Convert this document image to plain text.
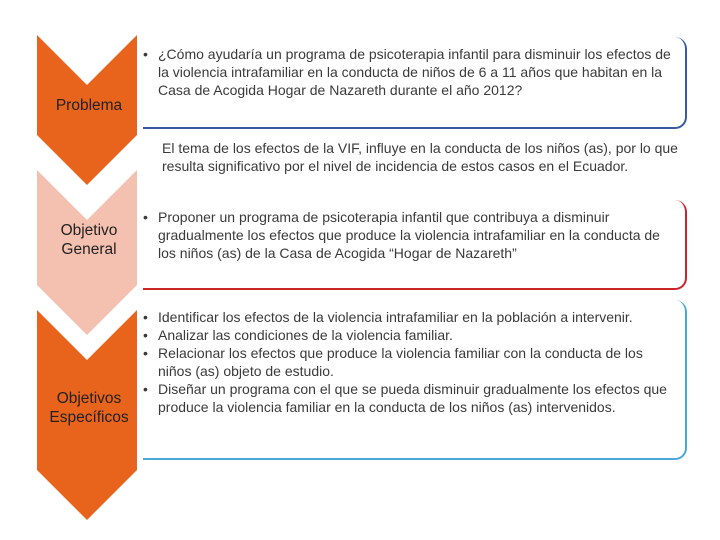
Problema
Objetivo
General
Objetivos
Específicos
• ¿Cómo ayudaría un programa de psicoterapia infantil para disminuir los efectos de la violencia intrafamiliar en la conducta de niños de 6 a 11 años que habitan en la Casa de Acogida Hogar de Nazareth durante el año 2012?
El tema de los efectos de la VIF, influye en la conducta de los niños (as), por lo que resulta significativo por el nivel de incidencia de estos casos en el Ecuador.
• Proponer un programa de psicoterapia infantil que contribuya a disminuir gradualmente los efectos que produce la violencia intrafamiliar en la conducta de los niños (as) de la Casa de Acogida “Hogar de Nazareth”
• Identificar los efectos de la violencia intrafamiliar en la población a intervenir.
• Analizar las condiciones de la violencia familiar.
• Relacionar los efectos que produce la violencia familiar con la conducta de los niños (as) objeto de estudio.
• Diseñar un programa con el que se pueda disminuir gradualmente los efectos que produce la violencia familiar en la conducta de los niños (as) intervenidos.
